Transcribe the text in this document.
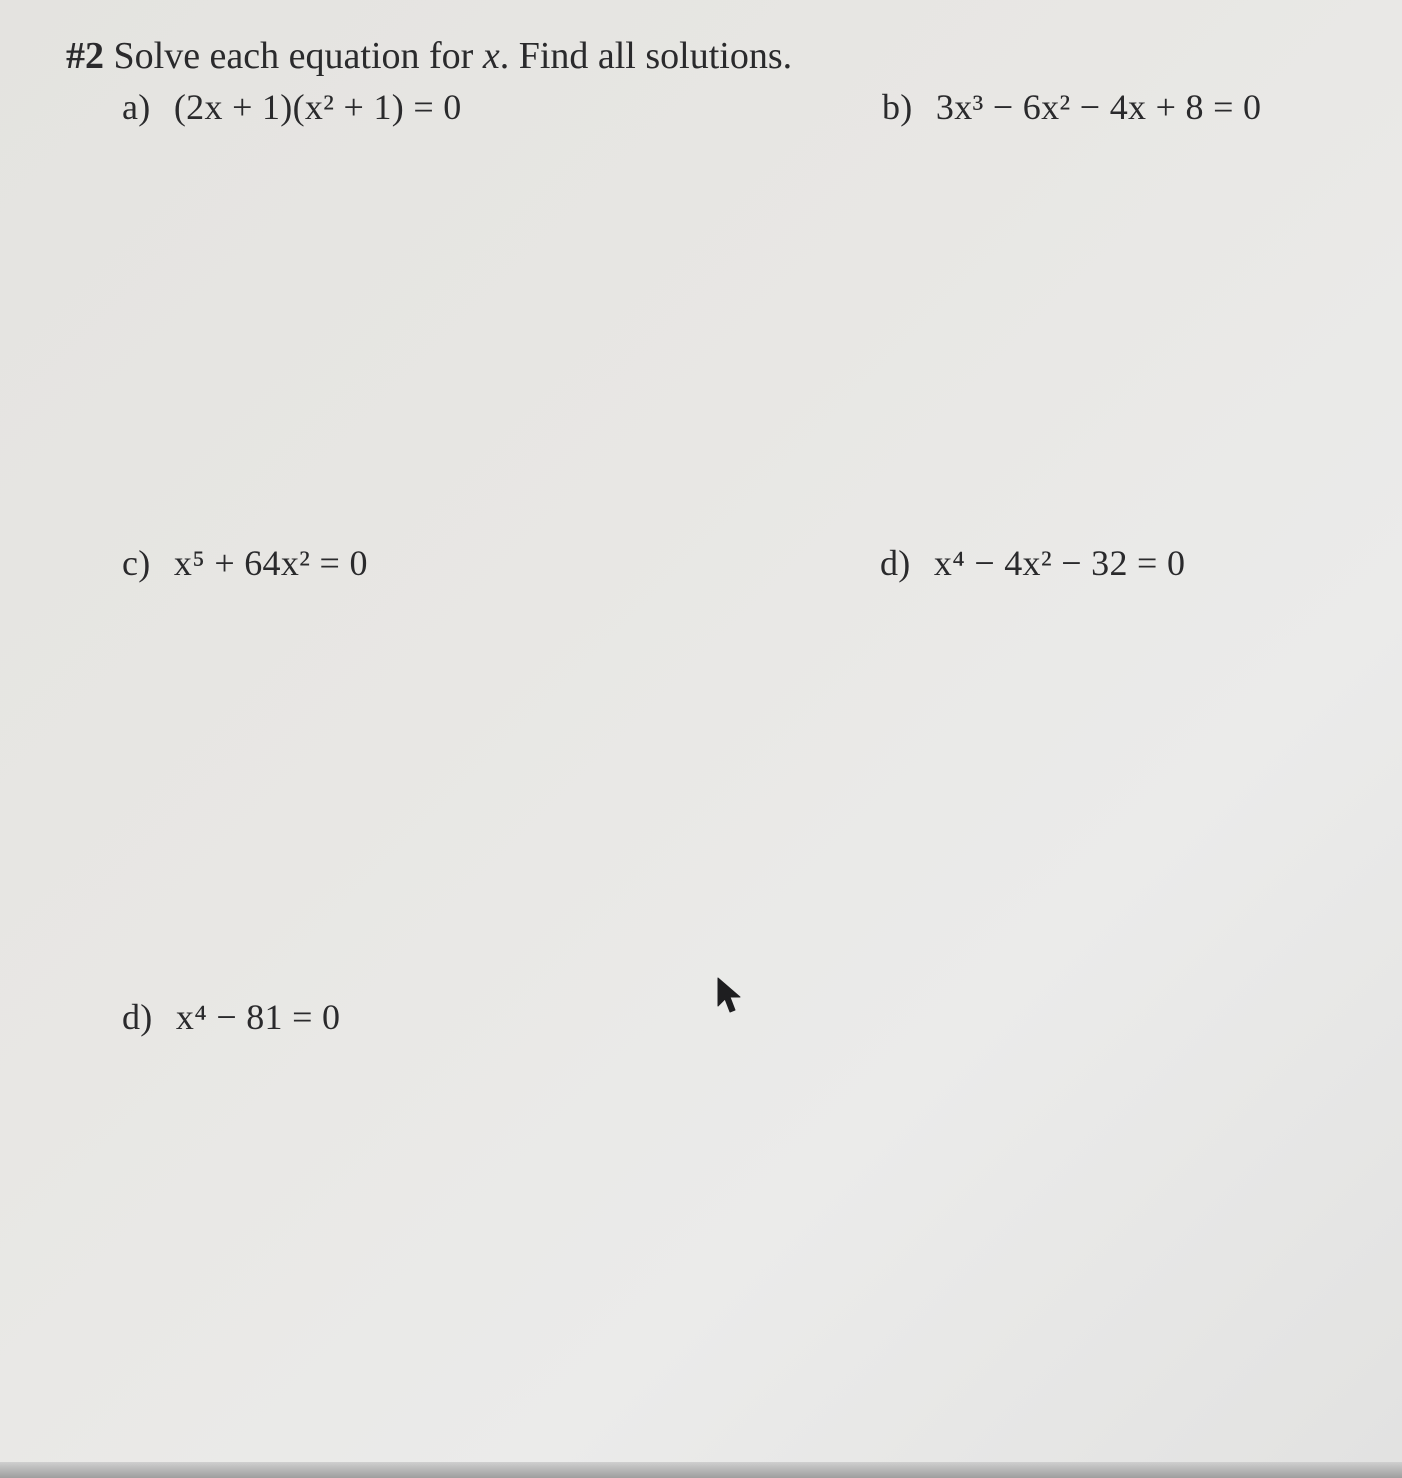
#2 Solve each equation for x. Find all solutions.
a) (2x + 1)(x² + 1) = 0	b) 3x³ − 6x² − 4x + 8 = 0
c) x⁵ + 64x² = 0	d) x⁴ − 4x² − 32 = 0
d) x⁴ − 81 = 0
